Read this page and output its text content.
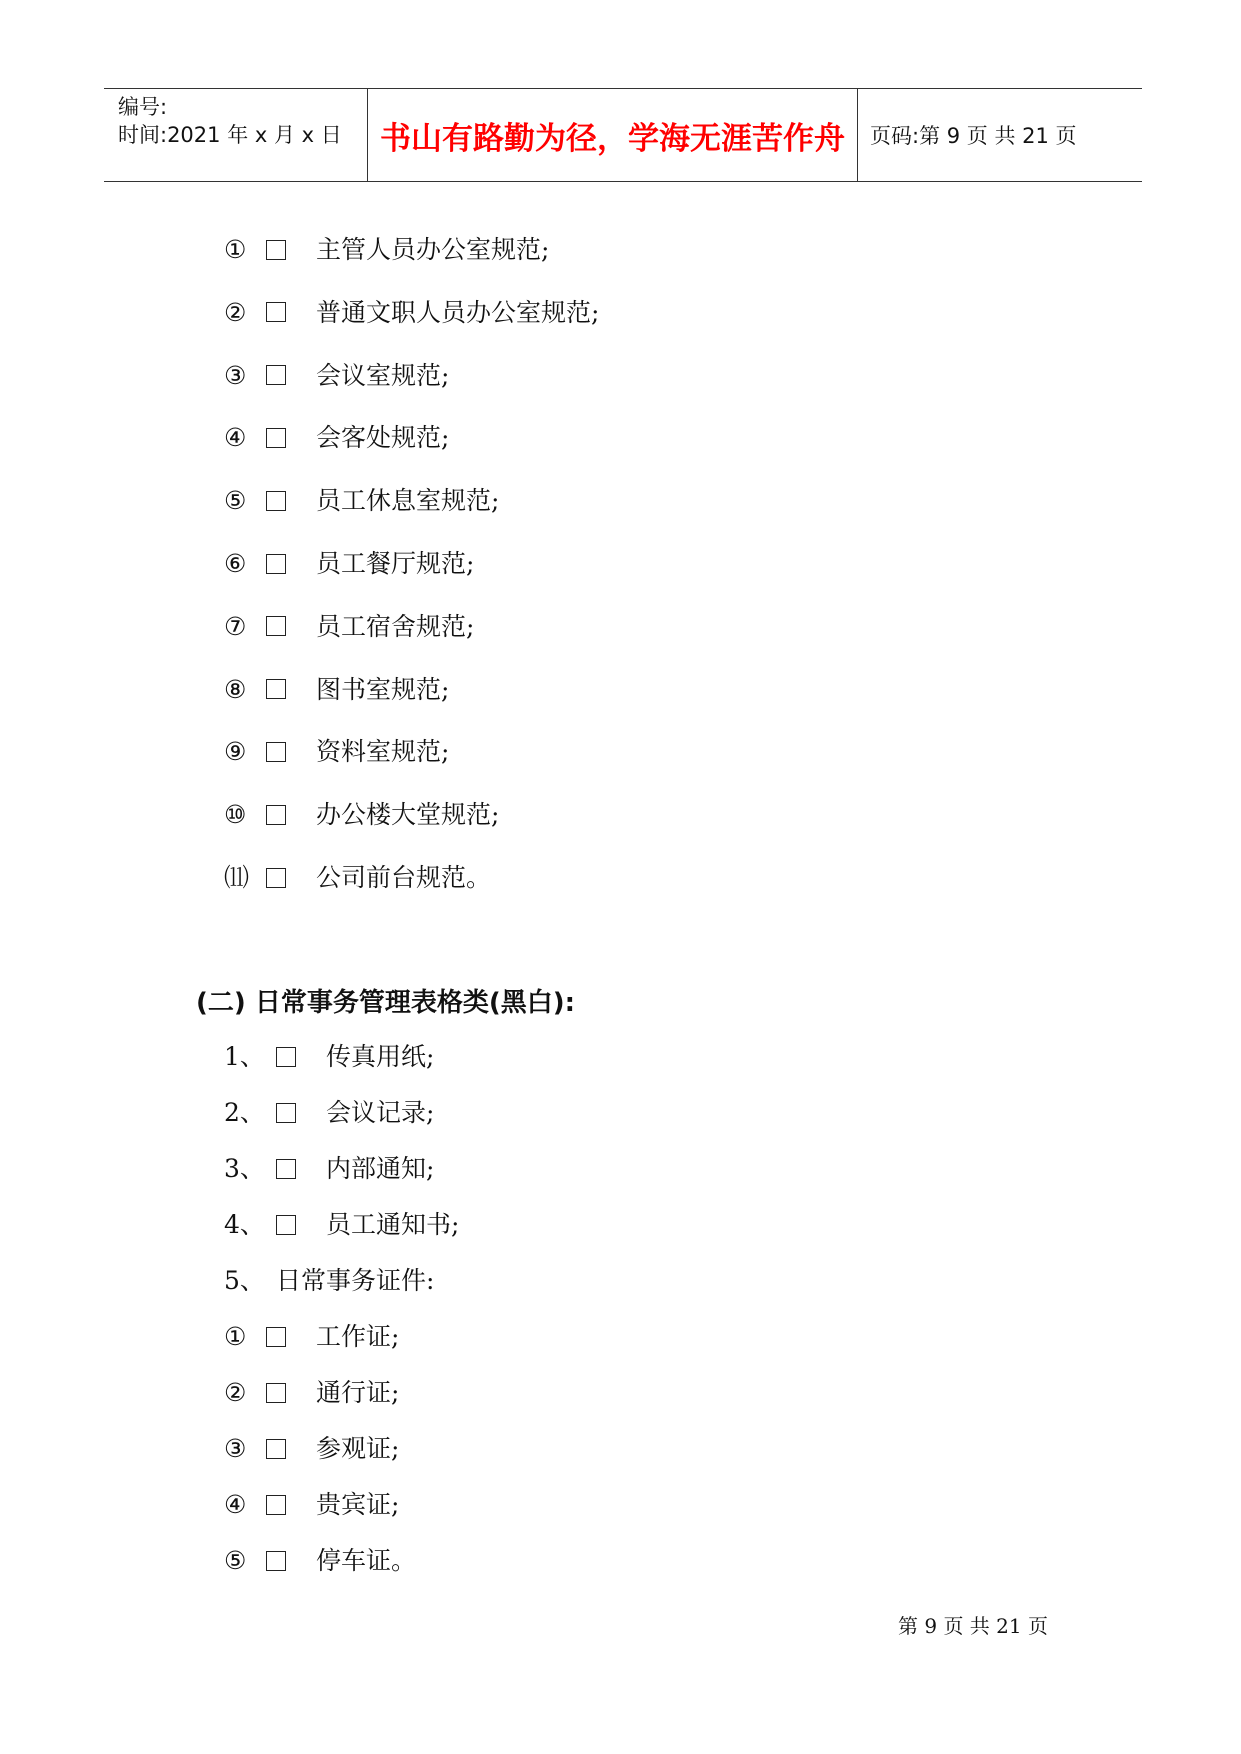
编号:
时间:2021 年 x 月 x 日	书山有路勤为径，学海无涯苦作舟	页码:第 9 页 共 21 页
①	主管人员办公室规范;
②	普通文职人员办公室规范;
③	会议室规范;
④	会客处规范;
⑤	员工休息室规范;
⑥	员工餐厅规范;
⑦	员工宿舍规范;
⑧	图书室规范;
⑨	资料室规范;
⑩	办公楼大堂规范;
⑾	公司前台规范。
(二) 日常事务管理表格类(黑白):
1、 传真用纸;
2、 会议记录;
3、 内部通知;
4、 员工通知书;
5、 日常事务证件:
①	工作证;
②	通行证;
③	参观证;
④	贵宾证;
⑤	停车证。
第 9 页 共 21 页
